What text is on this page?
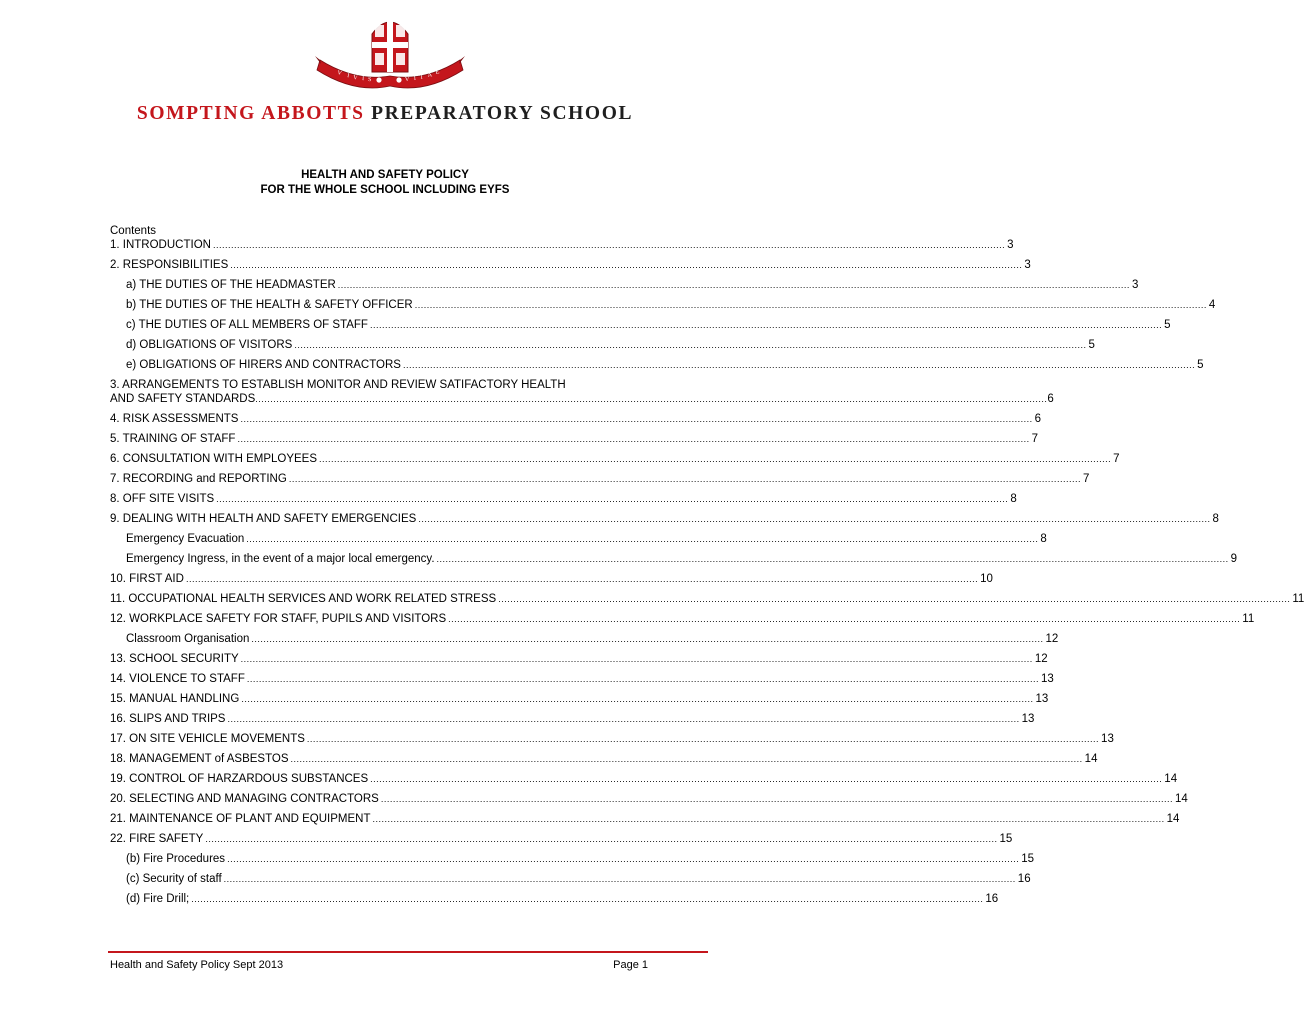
V I V I S	V I T A E
SOMPTING ABBOTTS PREPARATORY SCHOOL
HEALTH AND SAFETY POLICY
FOR THE WHOLE SCHOOL INCLUDING EYFS
Contents
1. INTRODUCTION ........................................................................................................................................................................................................................................................................ 3
2. RESPONSIBILITIES ........................................................................................................................................................................................................................................................................ 3
a) THE DUTIES OF THE HEADMASTER ........................................................................................................................................................................................................................................................................ 3
b) THE DUTIES OF THE HEALTH & SAFETY OFFICER ........................................................................................................................................................................................................................................................................ 4
c) THE DUTIES OF ALL MEMBERS OF STAFF ........................................................................................................................................................................................................................................................................ 5
d) OBLIGATIONS OF VISITORS ........................................................................................................................................................................................................................................................................ 5
e) OBLIGATIONS OF HIRERS AND CONTRACTORS ........................................................................................................................................................................................................................................................................ 5
3. ARRANGEMENTS TO ESTABLISH MONITOR AND REVIEW SATIFACTORY HEALTH
AND SAFETY STANDARDS ........................................................................................................................................................................................................................................................................ 6
4. RISK ASSESSMENTS ........................................................................................................................................................................................................................................................................ 6
5. TRAINING OF STAFF ........................................................................................................................................................................................................................................................................ 7
6. CONSULTATION WITH EMPLOYEES ........................................................................................................................................................................................................................................................................ 7
7. RECORDING and REPORTING ........................................................................................................................................................................................................................................................................ 7
8. OFF SITE VISITS ........................................................................................................................................................................................................................................................................ 8
9. DEALING WITH HEALTH AND SAFETY EMERGENCIES ........................................................................................................................................................................................................................................................................ 8
Emergency Evacuation ........................................................................................................................................................................................................................................................................ 8
Emergency Ingress, in the event of a major local emergency. ........................................................................................................................................................................................................................................................................ 9
10. FIRST AID ........................................................................................................................................................................................................................................................................ 10
11. OCCUPATIONAL HEALTH SERVICES AND WORK RELATED STRESS ........................................................................................................................................................................................................................................................................ 11
12. WORKPLACE SAFETY FOR STAFF, PUPILS AND VISITORS ........................................................................................................................................................................................................................................................................ 11
Classroom Organisation ........................................................................................................................................................................................................................................................................ 12
13. SCHOOL SECURITY ........................................................................................................................................................................................................................................................................ 12
14. VIOLENCE TO STAFF ........................................................................................................................................................................................................................................................................ 13
15. MANUAL HANDLING ........................................................................................................................................................................................................................................................................ 13
16. SLIPS AND TRIPS ........................................................................................................................................................................................................................................................................ 13
17. ON SITE VEHICLE MOVEMENTS ........................................................................................................................................................................................................................................................................ 13
18. MANAGEMENT of ASBESTOS ........................................................................................................................................................................................................................................................................ 14
19. CONTROL OF HARZARDOUS SUBSTANCES ........................................................................................................................................................................................................................................................................ 14
20. SELECTING AND MANAGING CONTRACTORS ........................................................................................................................................................................................................................................................................ 14
21. MAINTENANCE OF PLANT AND EQUIPMENT ........................................................................................................................................................................................................................................................................ 14
22. FIRE SAFETY ........................................................................................................................................................................................................................................................................ 15
(b) Fire Procedures ........................................................................................................................................................................................................................................................................ 15
(c) Security of staff ........................................................................................................................................................................................................................................................................ 16
(d) Fire Drill; ........................................................................................................................................................................................................................................................................ 16
Health and Safety Policy Sept 2013	Page 1
